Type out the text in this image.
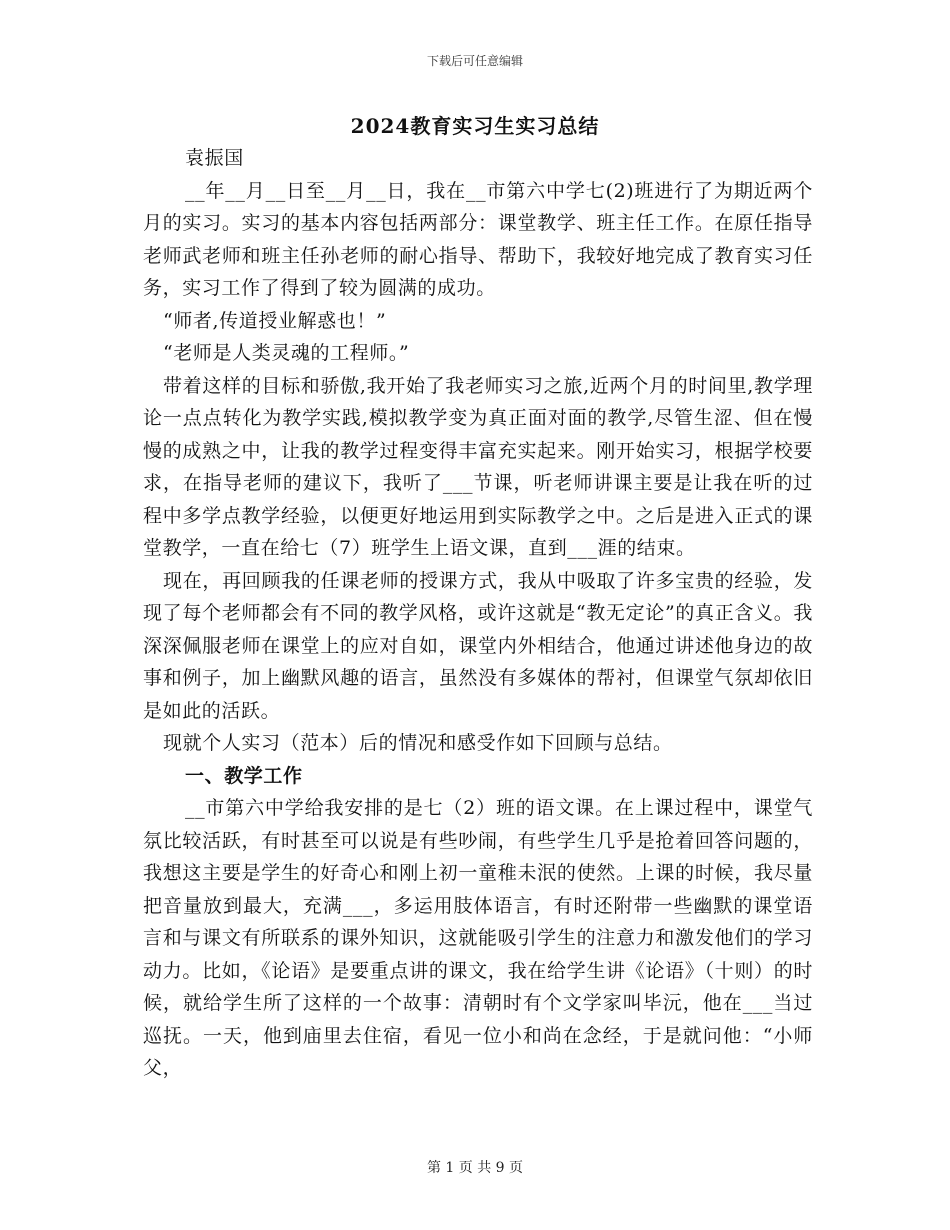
下载后可任意编辑
2024教育实习生实习总结

袁振国

__年__月__日至__月__日，我在__市第六中学七(2)班进行了为期近两个月的实习。实习的基本内容包括两部分：课堂教学、班主任工作。在原任指导老师武老师和班主任孙老师的耐心指导、帮助下，我较好地完成了教育实习任务，实习工作了得到了较为圆满的成功。

“师者,传道授业解惑也！”

“老师是人类灵魂的工程师。”

带着这样的目标和骄傲,我开始了我老师实习之旅,近两个月的时间里,教学理论一点点转化为教学实践,模拟教学变为真正面对面的教学,尽管生涩、但在慢慢的成熟之中，让我的教学过程变得丰富充实起来。刚开始实习，根据学校要求，在指导老师的建议下，我听了___节课，听老师讲课主要是让我在听的过程中多学点教学经验，以便更好地运用到实际教学之中。之后是进入正式的课堂教学，一直在给七（7）班学生上语文课，直到___涯的结束。

现在，再回顾我的任课老师的授课方式，我从中吸取了许多宝贵的经验，发现了每个老师都会有不同的教学风格，或许这就是“教无定论”的真正含义。我深深佩服老师在课堂上的应对自如，课堂内外相结合，他通过讲述他身边的故事和例子，加上幽默风趣的语言，虽然没有多媒体的帮衬，但课堂气氛却依旧是如此的活跃。

现就个人实习（范本）后的情况和感受作如下回顾与总结。

一、教学工作

__市第六中学给我安排的是七（2）班的语文课。在上课过程中，课堂气氛比较活跃，有时甚至可以说是有些吵闹，有些学生几乎是抢着回答问题的，我想这主要是学生的好奇心和刚上初一童稚未泯的使然。上课的时候，我尽量把音量放到最大，充满___，多运用肢体语言，有时还附带一些幽默的课堂语言和与课文有所联系的课外知识，这就能吸引学生的注意力和激发他们的学习动力。比如，《论语》是要重点讲的课文，我在给学生讲《论语》（十则）的时候，就给学生所了这样的一个故事：清朝时有个文学家叫毕沅，他在___当过巡抚。一天，他到庙里去住宿，看见一位小和尚在念经，于是就问他：“小师父，

第 1 页 共 9 页
